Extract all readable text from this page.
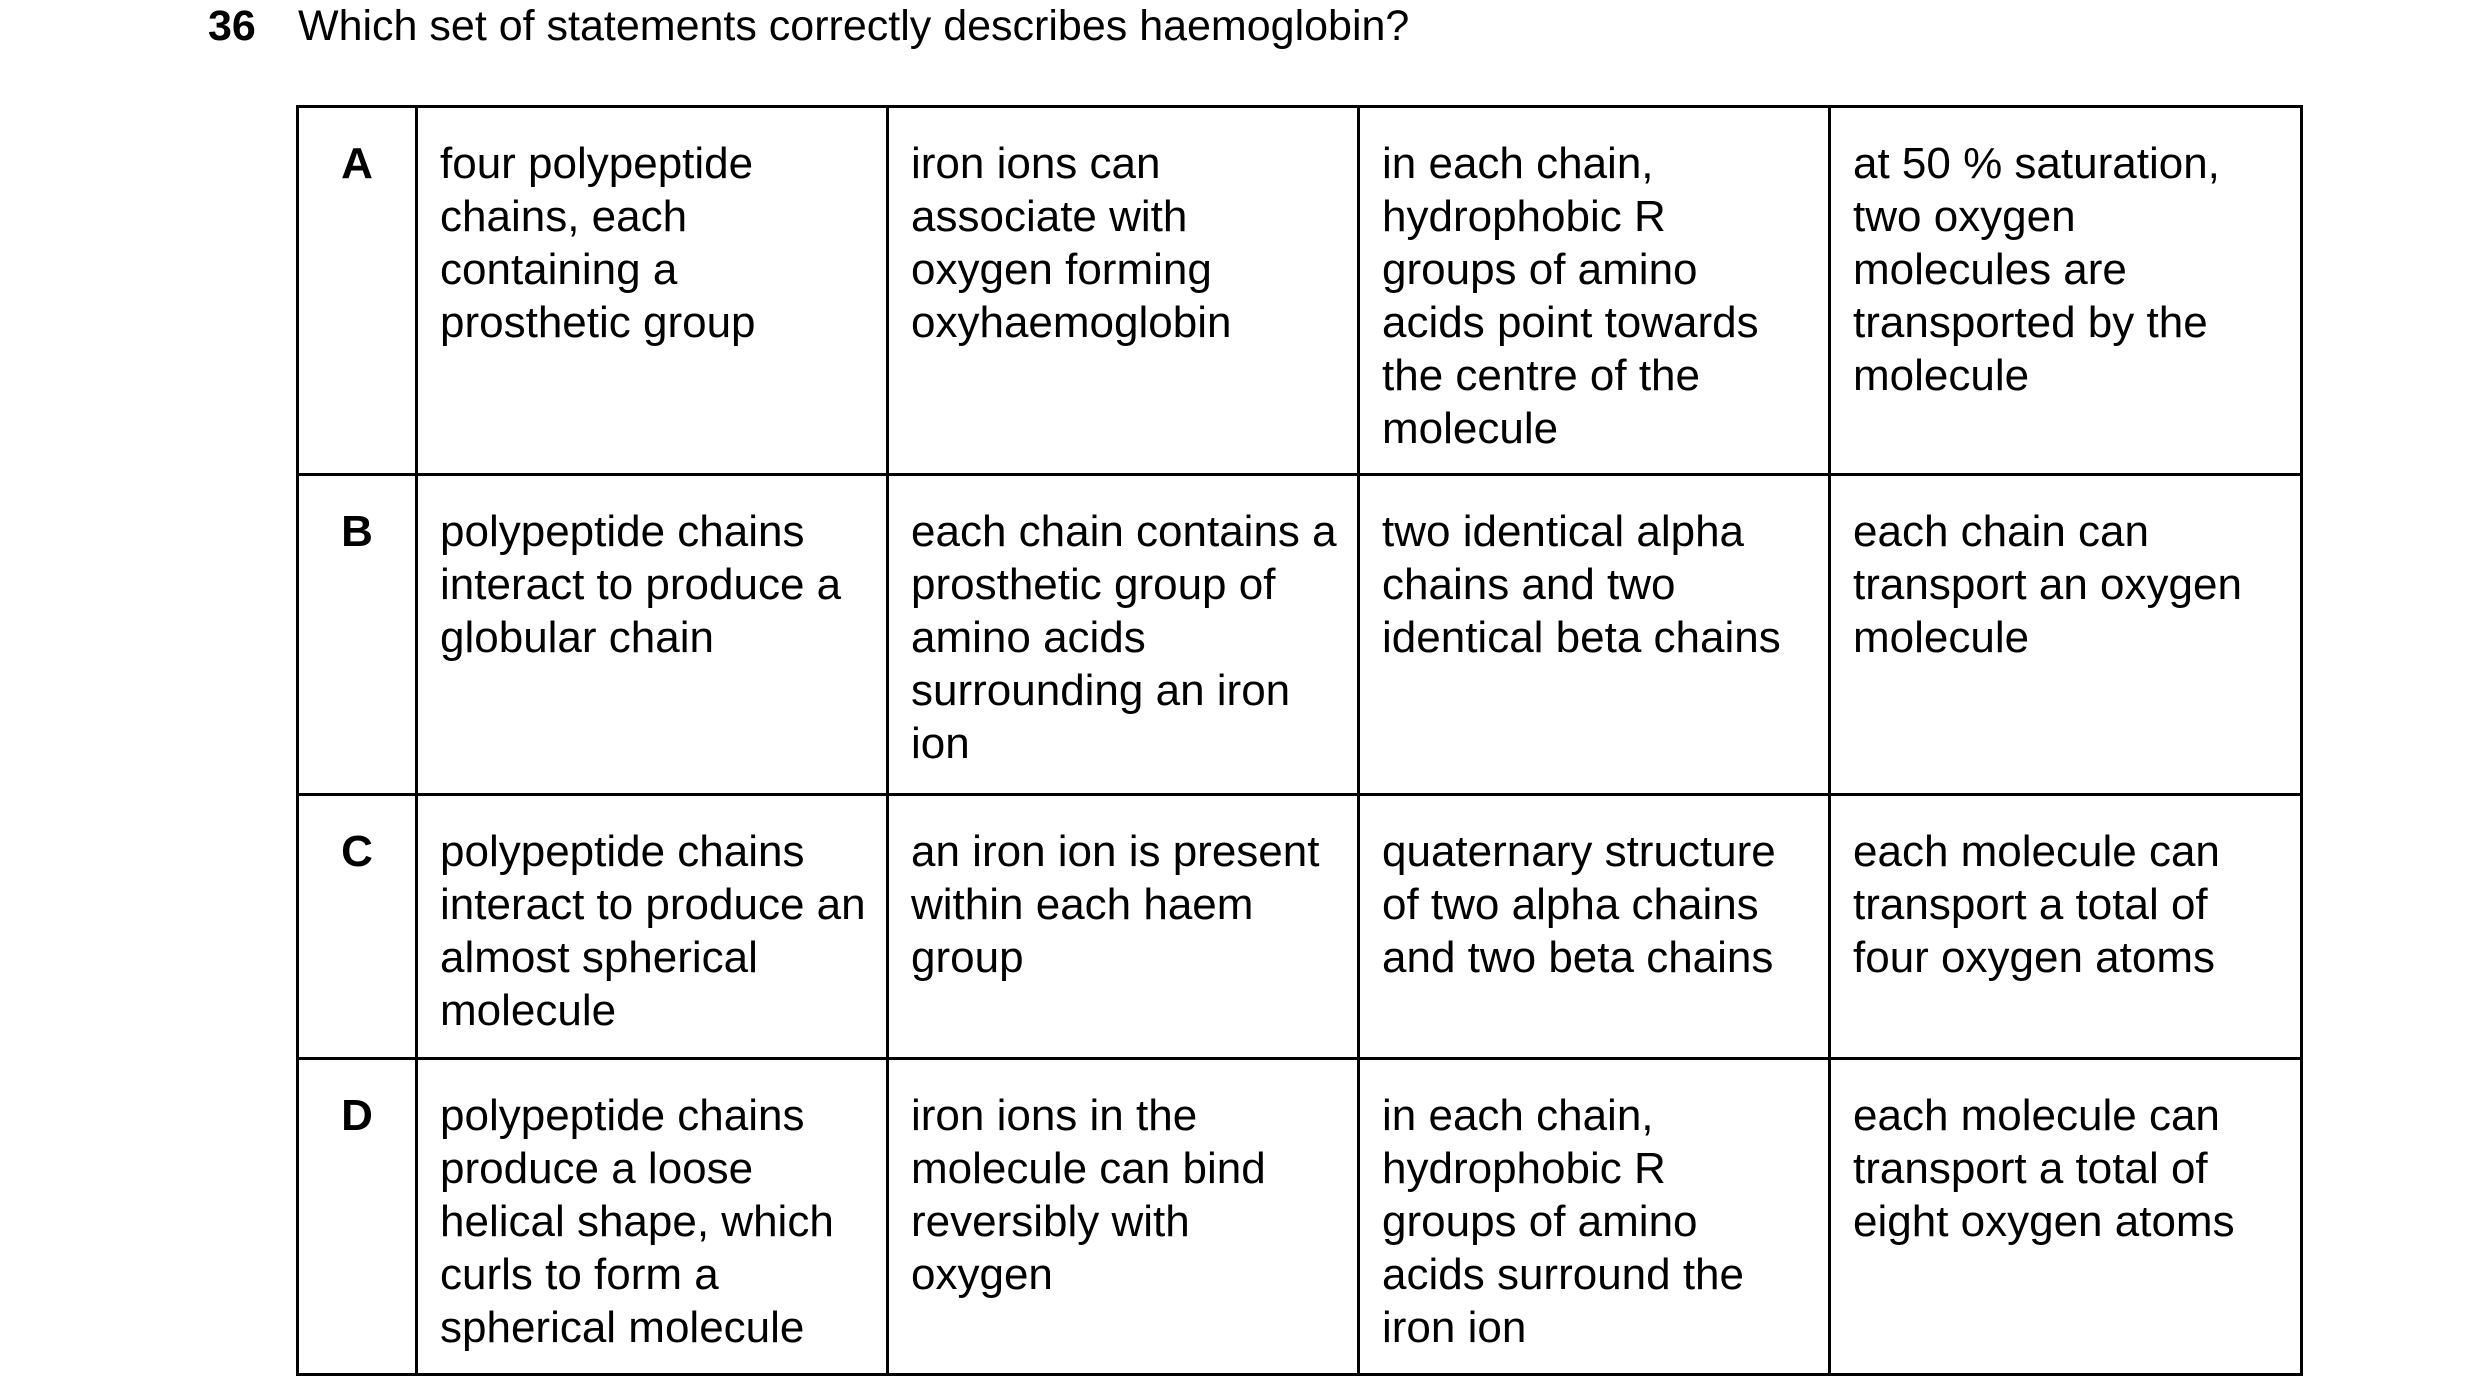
36 Which set of statements correctly describes haemoglobin?
A	four polypeptide chains, each containing a prosthetic group	iron ions can associate with oxygen forming oxyhaemoglobin	in each chain, hydrophobic R groups of amino acids point towards the centre of the molecule	at 50 % saturation, two oxygen molecules are transported by the molecule
B	polypeptide chains interact to produce a globular chain	each chain contains a prosthetic group of amino acids surrounding an iron ion	two identical alpha chains and two identical beta chains	each chain can transport an oxygen molecule
C	polypeptide chains interact to produce an almost spherical molecule	an iron ion is present within each haem group	quaternary structure of two alpha chains and two beta chains	each molecule can transport a total of four oxygen atoms
D	polypeptide chains produce a loose helical shape, which curls to form a spherical molecule	iron ions in the molecule can bind reversibly with oxygen	in each chain, hydrophobic R groups of amino acids surround the iron ion	each molecule can transport a total of eight oxygen atoms
